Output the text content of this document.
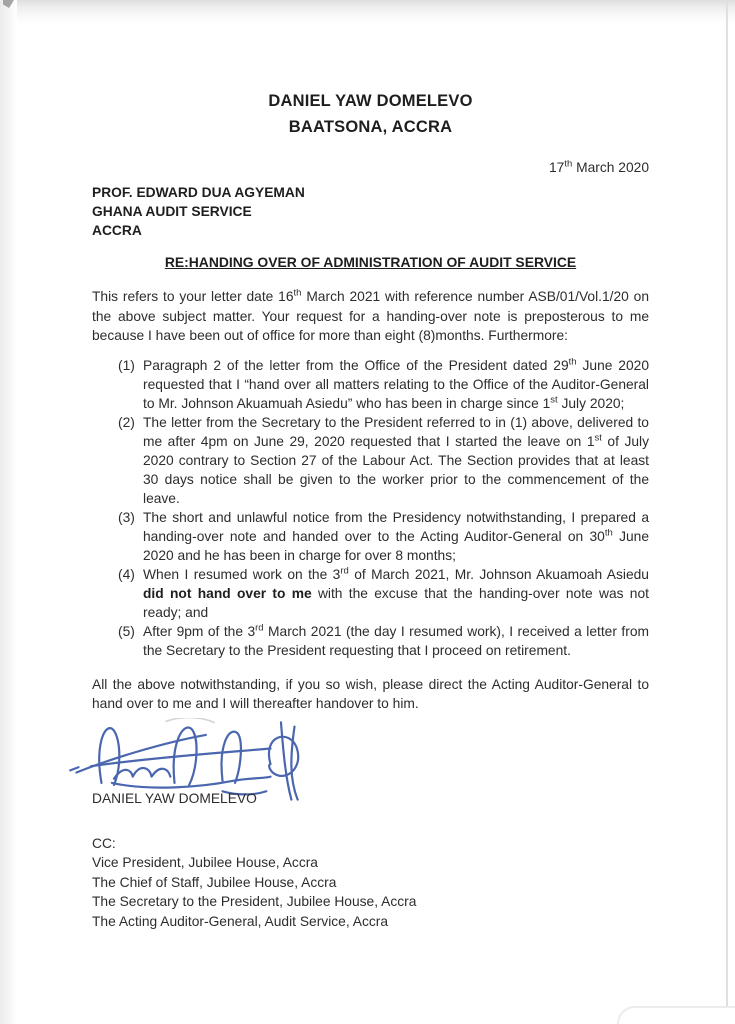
DANIEL YAW DOMELEVO
BAATSONA, ACCRA
17th March 2020
PROF. EDWARD DUA AGYEMAN
GHANA AUDIT SERVICE
ACCRA
RE:HANDING OVER OF ADMINISTRATION OF AUDIT SERVICE

This refers to your letter date 16th March 2021 with reference number ASB/01/Vol.1/20 on the above subject matter. Your request for a handing-over note is preposterous to me because I have been out of office for more than eight (8)months. Furthermore:

(1) Paragraph 2 of the letter from the Office of the President dated 29th June 2020 requested that I “hand over all matters relating to the Office of the Auditor-General to Mr. Johnson Akuamuah Asiedu” who has been in charge since 1st July 2020;
(2) The letter from the Secretary to the President referred to in (1) above, delivered to me after 4pm on June 29, 2020 requested that I started the leave on 1st of July 2020 contrary to Section 27 of the Labour Act. The Section provides that at least 30 days notice shall be given to the worker prior to the commencement of the leave.
(3) The short and unlawful notice from the Presidency notwithstanding, I prepared a handing-over note and handed over to the Acting Auditor-General on 30th June 2020 and he has been in charge for over 8 months;
(4) When I resumed work on the 3rd of March 2021, Mr. Johnson Akuamoah Asiedu did not hand over to me with the excuse that the handing-over note was not ready; and
(5) After 9pm of the 3rd March 2021 (the day I resumed work), I received a letter from the Secretary to the President requesting that I proceed on retirement.

All the above notwithstanding, if you so wish, please direct the Acting Auditor-General to hand over to me and I will thereafter handover to him.

DANIEL YAW DOMELEVO
CC:
Vice President, Jubilee House, Accra
The Chief of Staff, Jubilee House, Accra
The Secretary to the President, Jubilee House, Accra
The Acting Auditor-General, Audit Service, Accra
